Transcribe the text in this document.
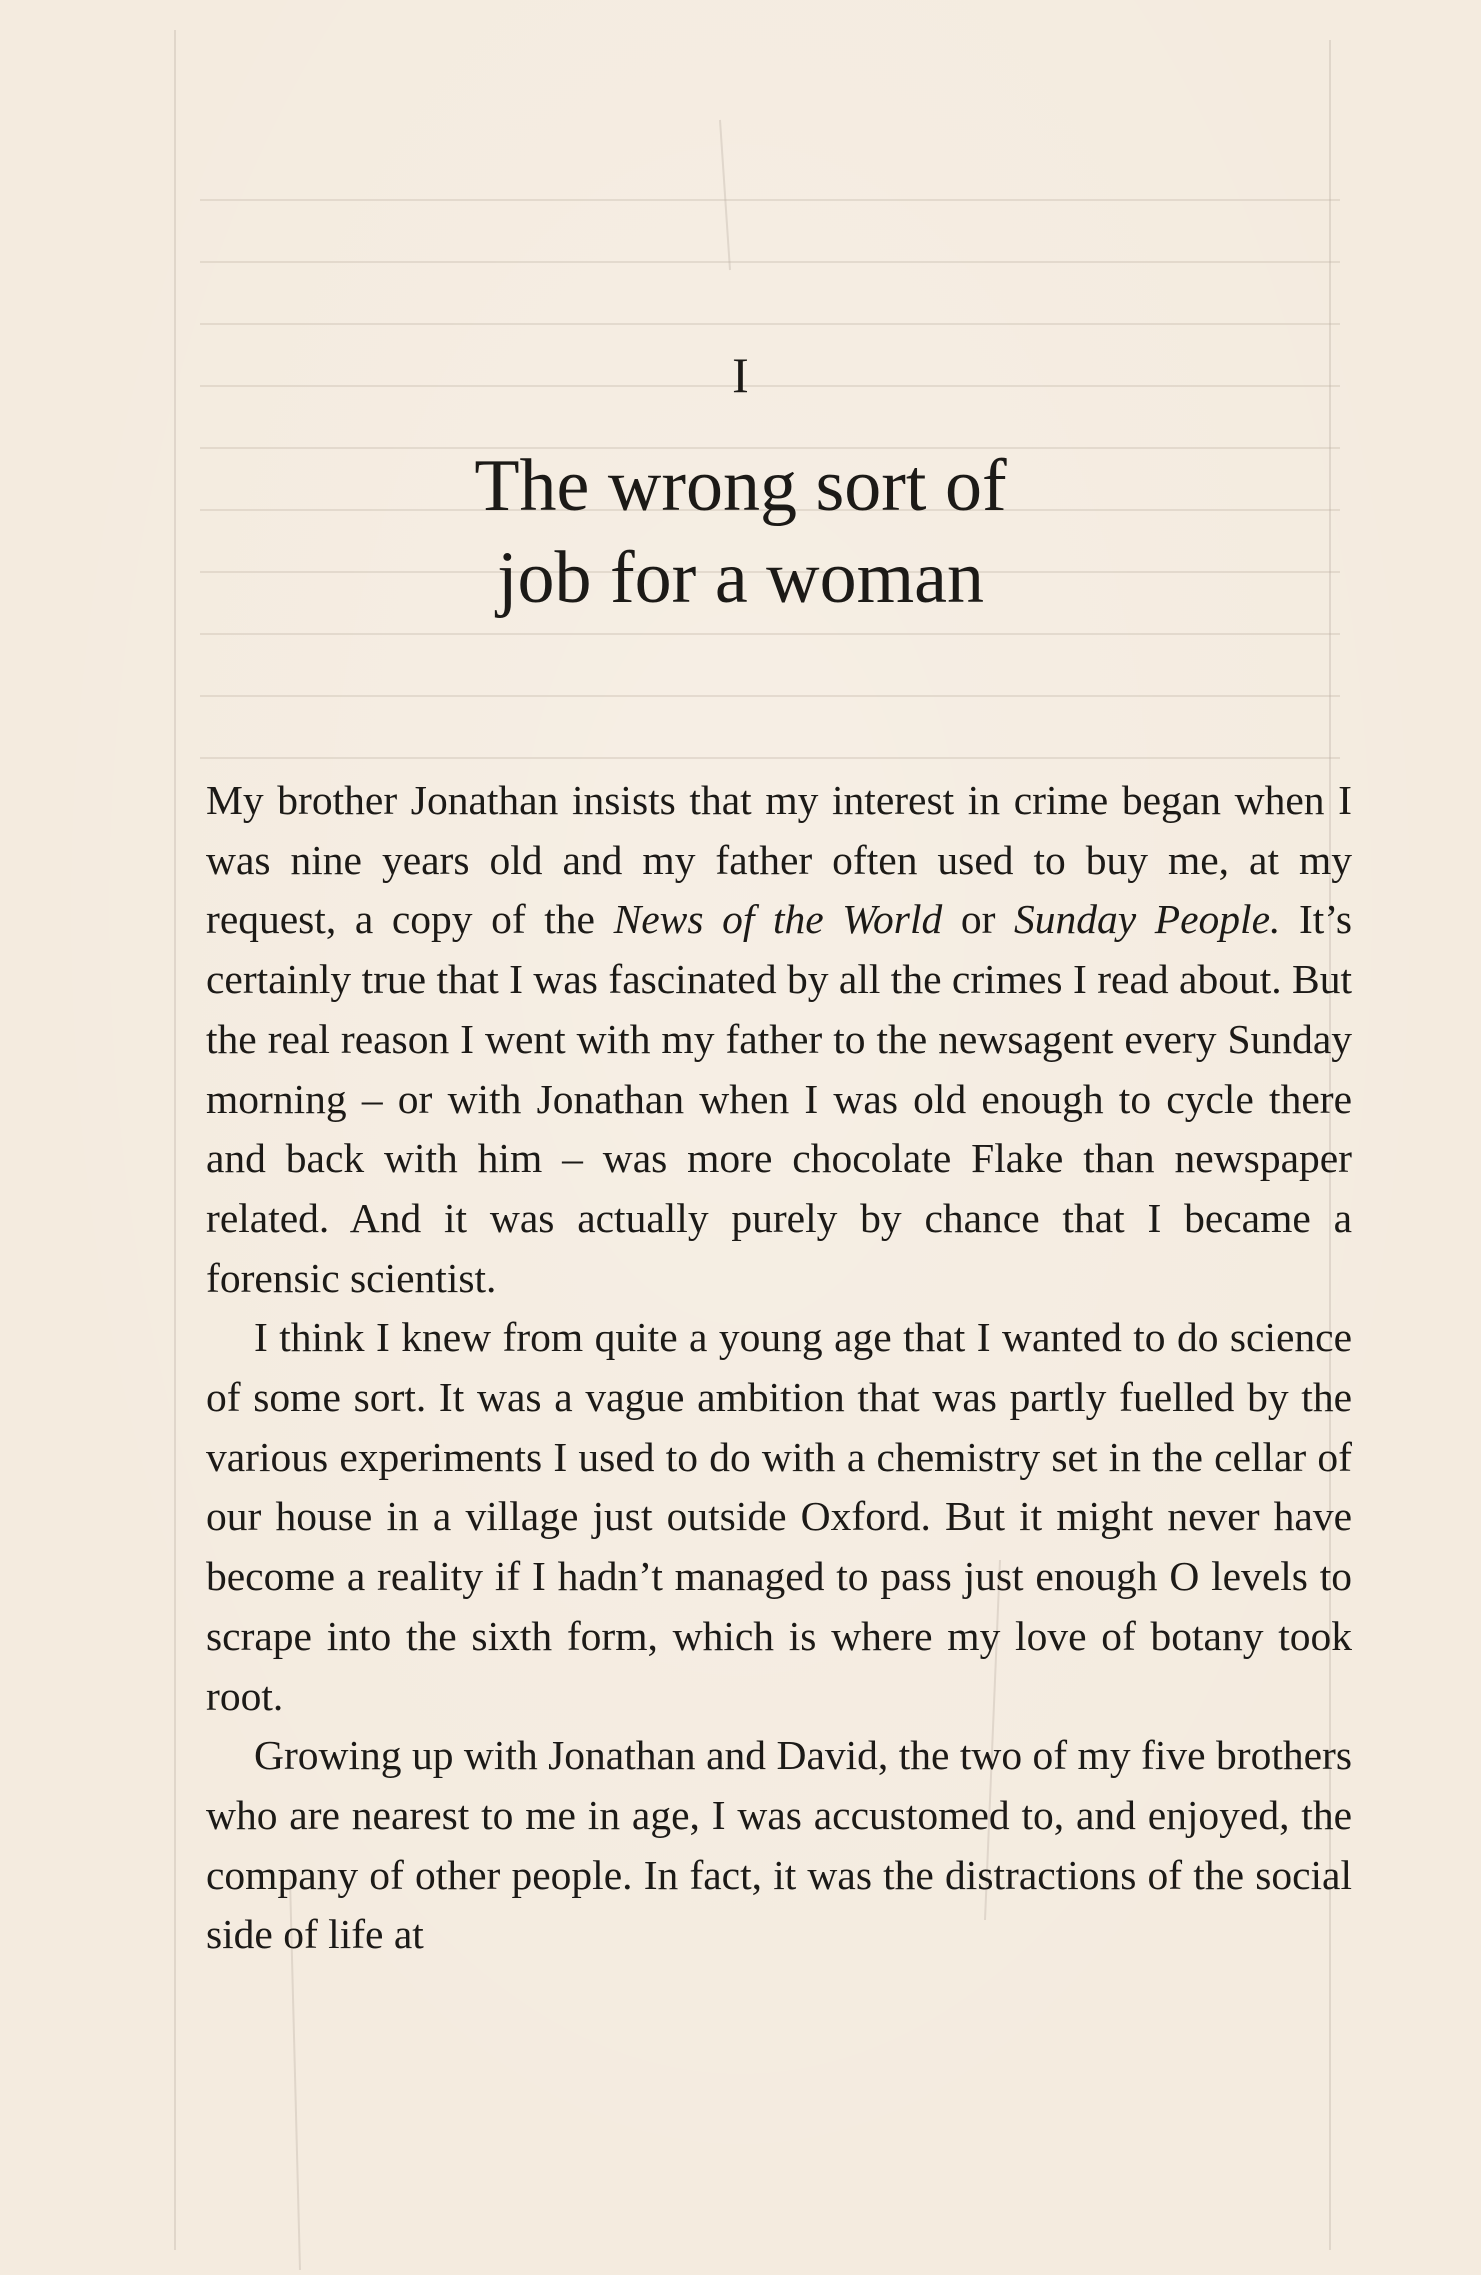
I
The wrong sort of
job for a woman

My brother Jonathan insists that my interest in crime began when I was nine years old and my father often used to buy me, at my request, a copy of the News of the World or Sunday People. It’s certainly true that I was fascinated by all the crimes I read about. But the real reason I went with my father to the newsagent every Sunday morning – or with Jonathan when I was old enough to cycle there and back with him – was more chocolate Flake than newspaper related. And it was actually purely by chance that I became a forensic scientist.

I think I knew from quite a young age that I wanted to do science of some sort. It was a vague ambition that was partly fuelled by the various experiments I used to do with a chemistry set in the cellar of our house in a village just outside Oxford. But it might never have become a reality if I hadn’t managed to pass just enough O levels to scrape into the sixth form, which is where my love of botany took root.

Growing up with Jonathan and David, the two of my five brothers who are nearest to me in age, I was accustomed to, and enjoyed, the company of other people. In fact, it was the distractions of the social side of life at
